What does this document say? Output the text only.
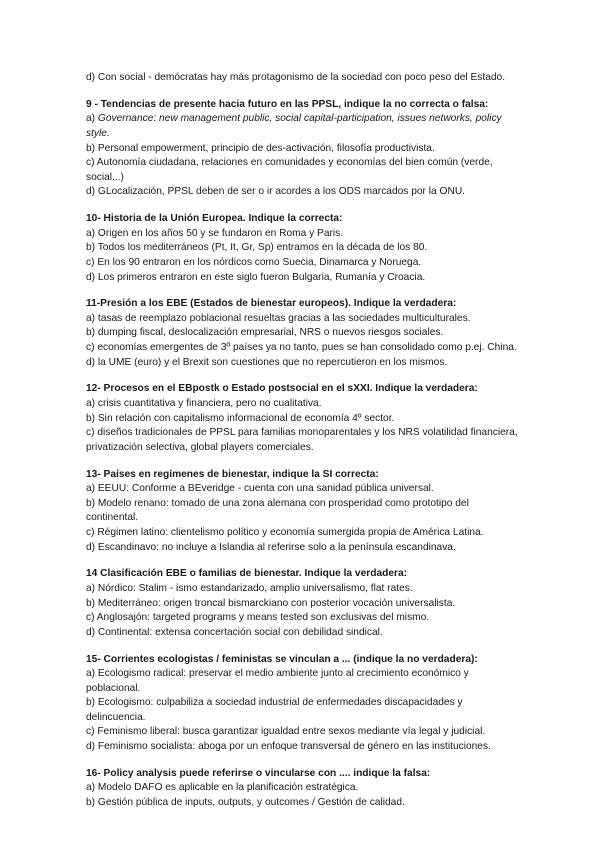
d) Con social - demócratas hay más protagonismo de la sociedad con poco peso del Estado.
9 - Tendencias de presente hacia futuro en las PPSL, indique la no correcta o falsa:
a) Governance: new management public, social capital-participation, issues networks, policy
style.
b) Personal empowerment, principio de des-activación, filosofía productivista.
c) Autonomía ciudadana, relaciones en comunidades y economías del bien común (verde,
social...)
d) GLocalización, PPSL deben de ser o ir acordes a los ODS marcados por la ONU.
10- Historia de la Unión Europea. Indique la correcta:
a) Origen en los años 50 y se fundaron en Roma y Paris.
b) Todos los mediterráneos (Pt, It, Gr, Sp) entramos en la década de los 80.
c) En los 90 entraron en los nórdicos como Suecia, Dinamarca y Noruega.
d) Los primeros entraron en este siglo fueron Bulgaria, Rumanía y Croacia.
11-Presión a los EBE (Estados de bienestar europeos). Indique la verdadera:
a) tasas de reemplazo poblacional resueltas gracias a las sociedades multiculturales.
b) dumping fiscal, deslocalización empresarial, NRS o nuevos riesgos sociales.
c) economías emergentes de 3º países ya no tanto, pues se han consolidado como p.ej. China.
d) la UME (euro) y el Brexit son cuestiones que no repercutieron en los mismos.
12- Procesos en el EBpostk o Estado postsocial en el sXXI. Indique la verdadera:
a) crisis cuantitativa y financiera, pero no cualitativa.
b) Sin relación con capitalismo informacional de economía 4º sector.
c) diseños tradicionales de PPSL para familias monoparentales y los NRS volatilidad financiera,
privatización selectiva, global players comerciales.
13- Países en regímenes de bienestar, indique la SI correcta:
a) EEUU: Conforme a BEveridge - cuenta con una sanidad pública universal.
b) Modelo renano: tomado de una zona alemana con prosperidad como prototipo del
continental.
c) Régimen latino: clientelismo político y economía sumergida propia de América Latina.
d) Escandinavo: no incluye a Islandia al referirse solo a la península escandinava.
14 Clasificación EBE o familias de bienestar. Indique la verdadera:
a) Nórdico: Stalim - ismo estandarizado, amplio universalismo, flat rates.
b) Mediterráneo: origen troncal bismarckiano con posterior vocación universalista.
c) Anglosajón: targeted programs y means tested son exclusivas del mismo.
d) Continental: extensa concertación social con debilidad sindical.
15- Corrientes ecologistas / feministas se vinculan a ... (indique la no verdadera):
a) Ecologismo radical: preservar el medio ambiente junto al crecimiento económico y
poblacional.
b) Ecologismo: culpabiliza a sociedad industrial de enfermedades discapacidades y
delincuencia.
c) Feminismo liberal: busca garantizar igualdad entre sexos mediante vía legal y judicial.
d) Feminismo socialista: aboga por un enfoque transversal de género en las instituciones.
16- Policy analysis puede referirse o vincularse con .... indique la falsa:
a) Modelo DAFO es aplicable en la planificación estratégica.
b) Gestión pública de inputs, outputs, y outcomes / Gestión de calidad.
